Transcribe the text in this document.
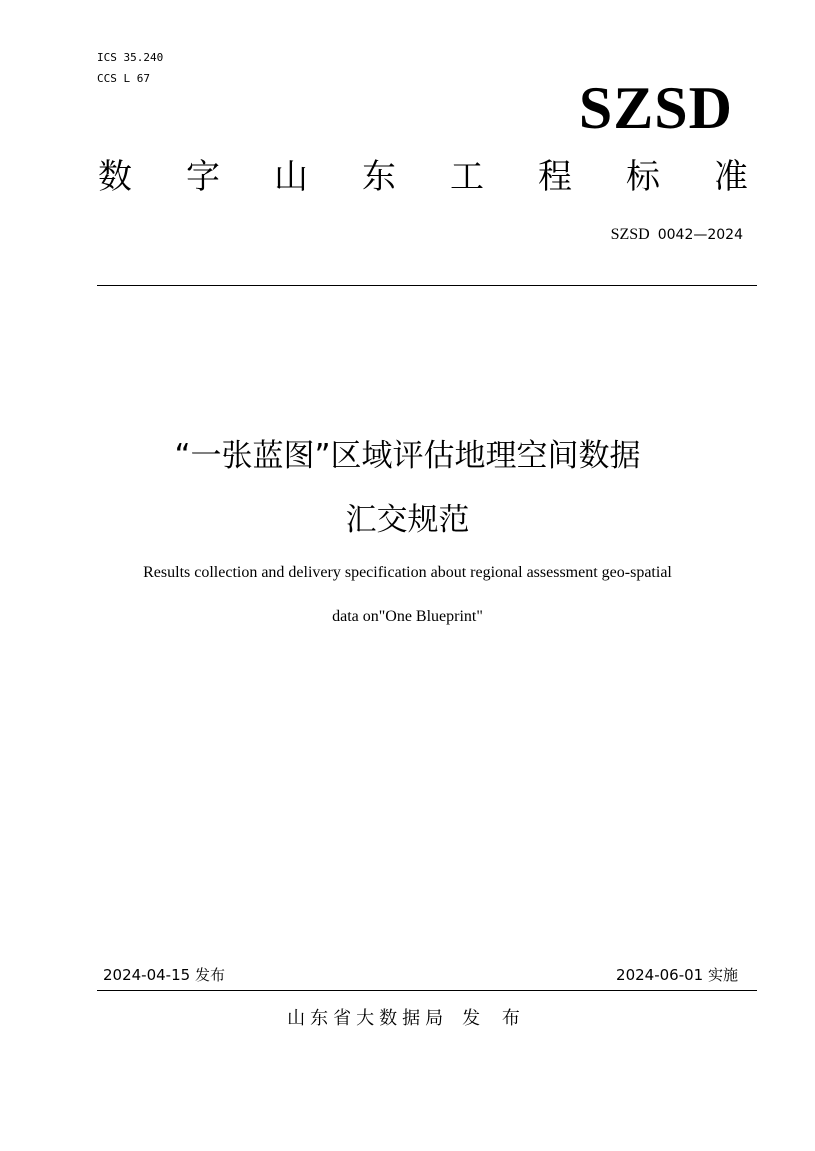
ICS 35.240
CCS L 67	SZSD
数 字 山 东 工 程 标 准
SZSD 0042—2024
“一张蓝图”区域评估地理空间数据
汇交规范
Results collection and delivery specification about regional assessment geo-spatial
data on"One Blueprint"
2024-04-15 发布	2024-06-01 实施
山东省大数据局 发 布
